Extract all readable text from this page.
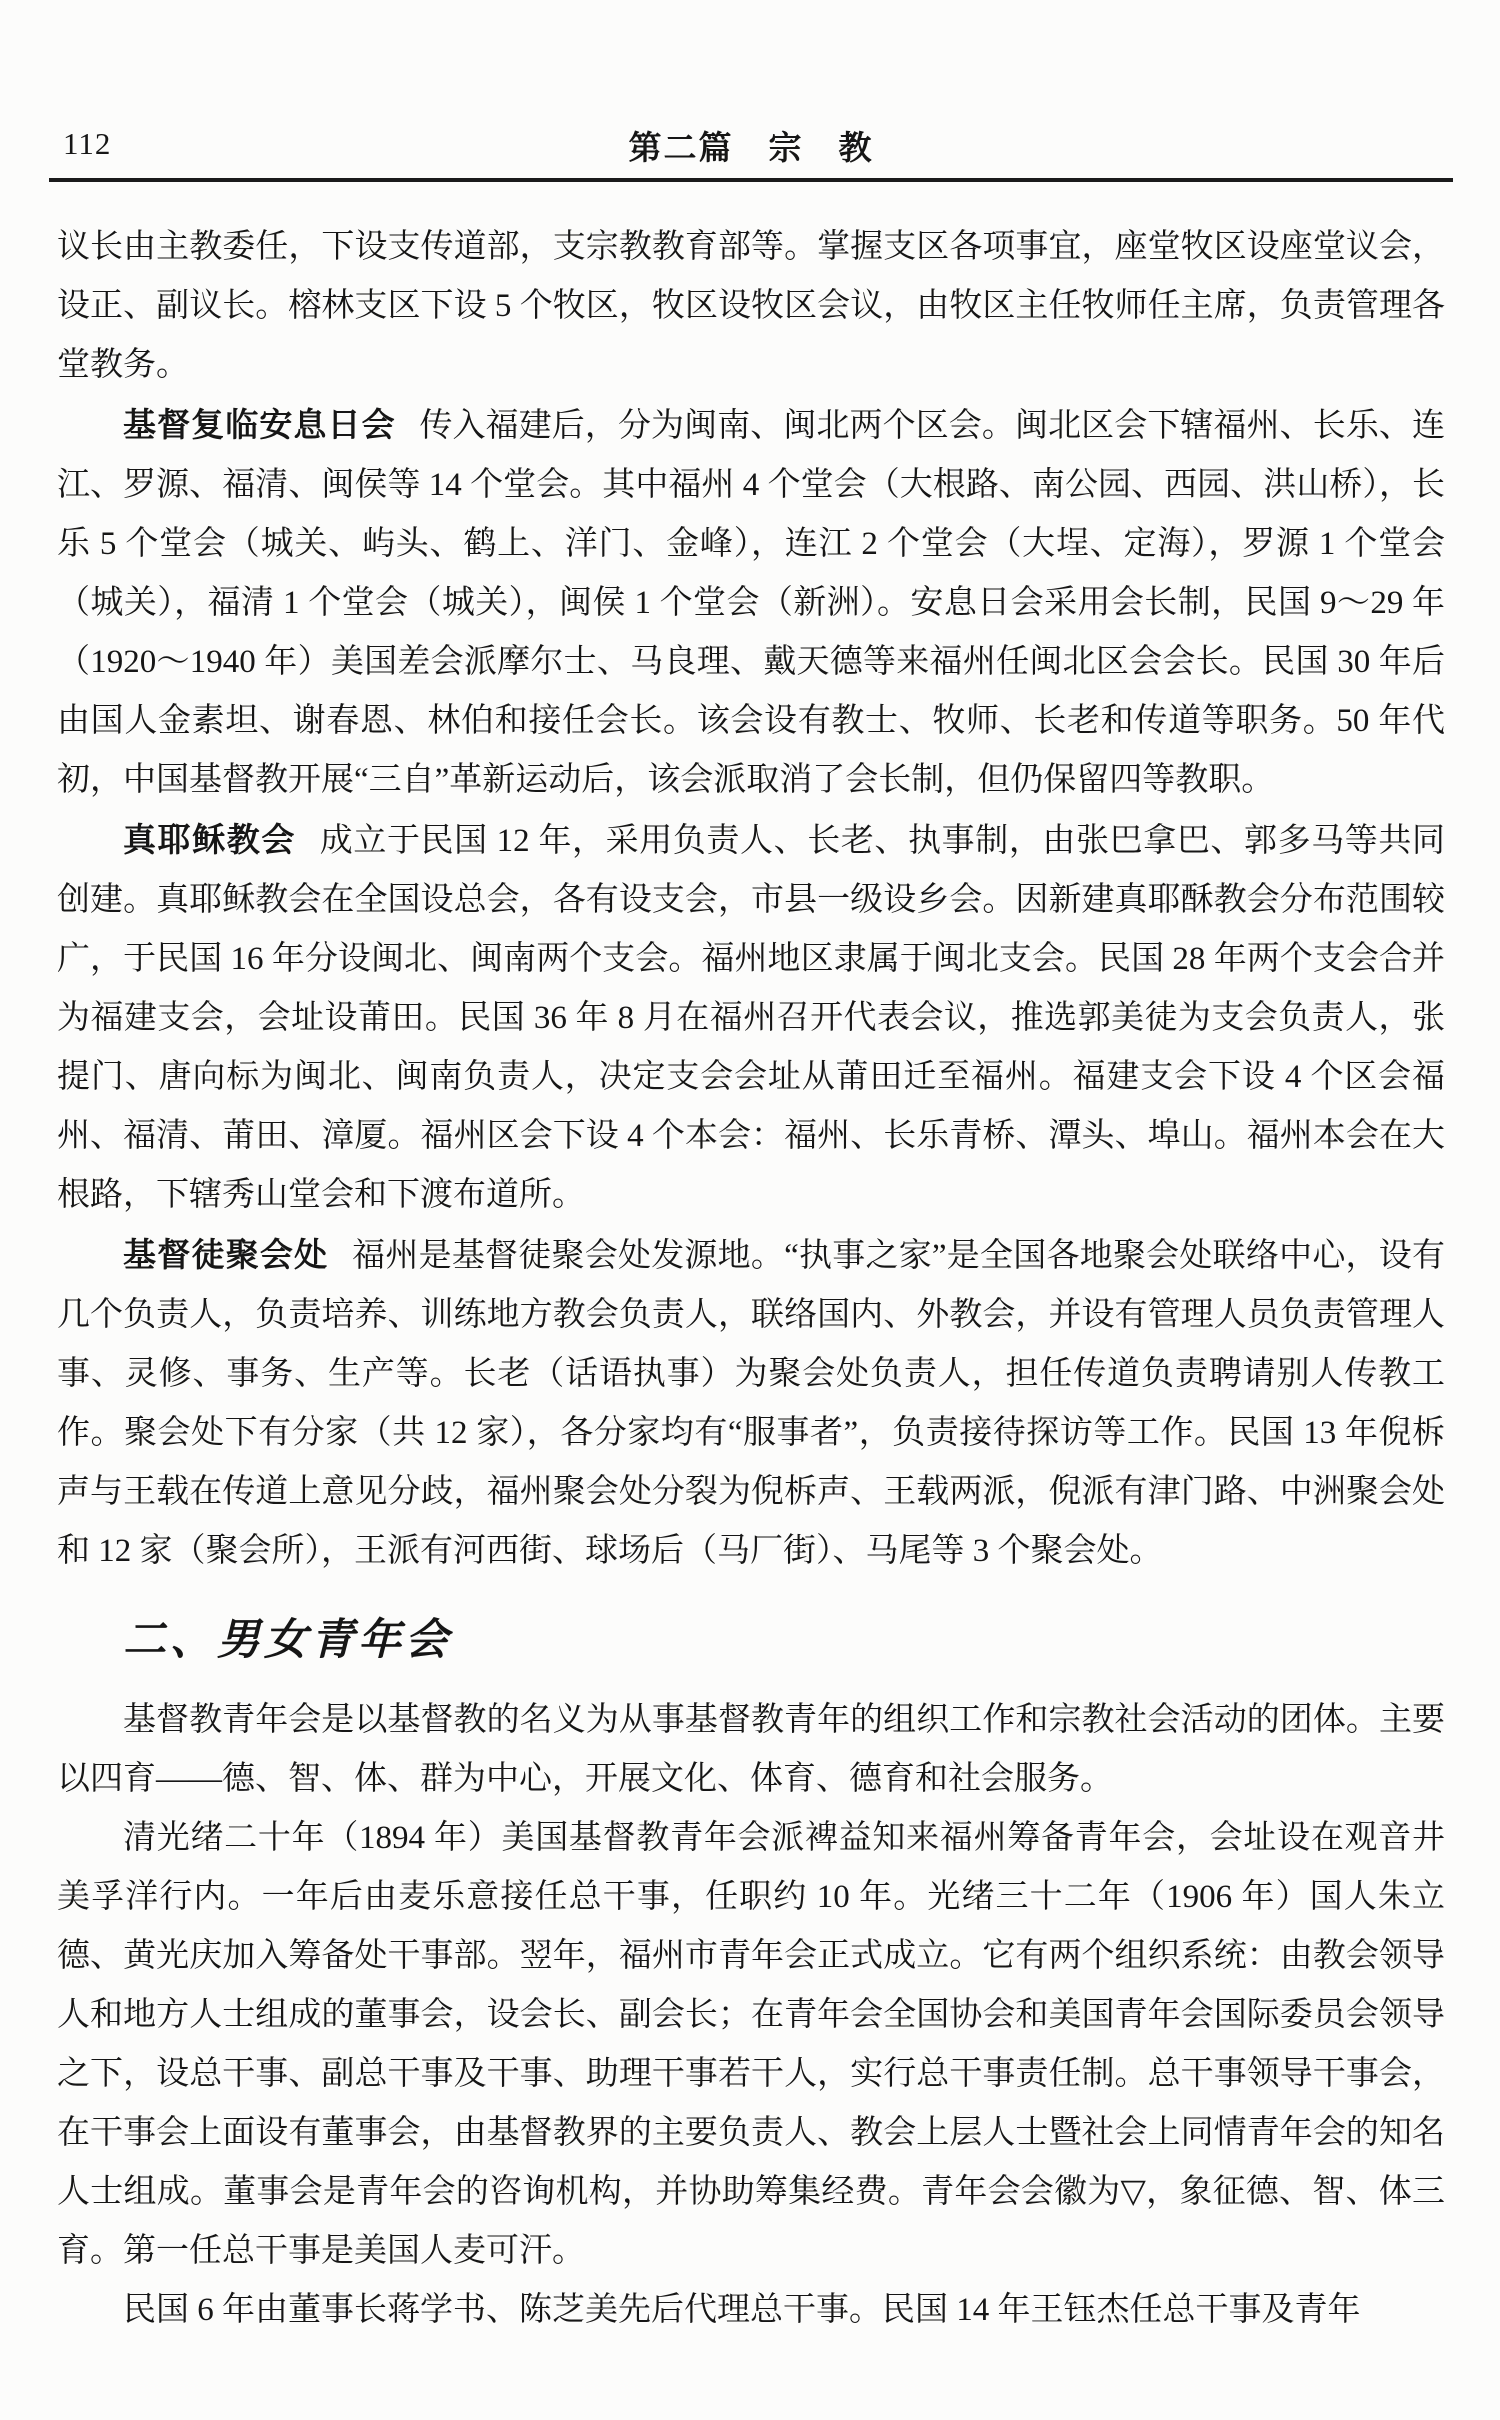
112	第二篇　宗　教

议长由主教委任，下设支传道部，支宗教教育部等。掌握支区各项事宜，座堂牧区设座堂议会，设正、副议长。榕林支区下设 5 个牧区，牧区设牧区会议，由牧区主任牧师任主席，负责管理各堂教务。

基督复临安息日会 传入福建后，分为闽南、闽北两个区会。闽北区会下辖福州、长乐、连江、罗源、福清、闽侯等 14 个堂会。其中福州 4 个堂会（大根路、南公园、西园、洪山桥），长乐 5 个堂会（城关、屿头、鹤上、洋门、金峰），连江 2 个堂会（大埕、定海），罗源 1 个堂会（城关），福清 1 个堂会（城关），闽侯 1 个堂会（新洲）。安息日会采用会长制，民国 9～29 年（1920～1940 年）美国差会派摩尔士、马良理、戴天德等来福州任闽北区会会长。民国 30 年后由国人金素坦、谢春恩、林伯和接任会长。该会设有教士、牧师、长老和传道等职务。50 年代初，中国基督教开展“三自”革新运动后，该会派取消了会长制，但仍保留四等教职。

真耶稣教会 成立于民国 12 年，采用负责人、长老、执事制，由张巴拿巴、郭多马等共同创建。真耶稣教会在全国设总会，各有设支会，市县一级设乡会。因新建真耶酥教会分布范围较广，于民国 16 年分设闽北、闽南两个支会。福州地区隶属于闽北支会。民国 28 年两个支会合并为福建支会，会址设莆田。民国 36 年 8 月在福州召开代表会议，推选郭美徒为支会负责人，张提门、唐向标为闽北、闽南负责人，决定支会会址从莆田迁至福州。福建支会下设 4 个区会福州、福清、莆田、漳厦。福州区会下设 4 个本会：福州、长乐青桥、潭头、埠山。福州本会在大根路，下辖秀山堂会和下渡布道所。

基督徒聚会处 福州是基督徒聚会处发源地。“执事之家”是全国各地聚会处联络中心，设有几个负责人，负责培养、训练地方教会负责人，联络国内、外教会，并设有管理人员负责管理人事、灵修、事务、生产等。长老（话语执事）为聚会处负责人，担任传道负责聘请别人传教工作。聚会处下有分家（共 12 家），各分家均有“服事者”，负责接待探访等工作。民国 13 年倪柝声与王载在传道上意见分歧，福州聚会处分裂为倪柝声、王载两派，倪派有津门路、中洲聚会处和 12 家（聚会所），王派有河西街、球场后（马厂街）、马尾等 3 个聚会处。

二、男女青年会

基督教青年会是以基督教的名义为从事基督教青年的组织工作和宗教社会活动的团体。主要以四育——德、智、体、群为中心，开展文化、体育、德育和社会服务。

清光绪二十年（1894 年）美国基督教青年会派裨益知来福州筹备青年会，会址设在观音井美孚洋行内。一年后由麦乐意接任总干事，任职约 10 年。光绪三十二年（1906 年）国人朱立德、黄光庆加入筹备处干事部。翌年，福州市青年会正式成立。它有两个组织系统：由教会领导人和地方人士组成的董事会，设会长、副会长；在青年会全国协会和美国青年会国际委员会领导之下，设总干事、副总干事及干事、助理干事若干人，实行总干事责任制。总干事领导干事会，在干事会上面设有董事会，由基督教界的主要负责人、教会上层人士暨社会上同情青年会的知名人士组成。董事会是青年会的咨询机构，并协助筹集经费。青年会会徽为▽，象征德、智、体三育。第一任总干事是美国人麦可汗。

民国 6 年由董事长蒋学书、陈芝美先后代理总干事。民国 14 年王钰杰任总干事及青年
